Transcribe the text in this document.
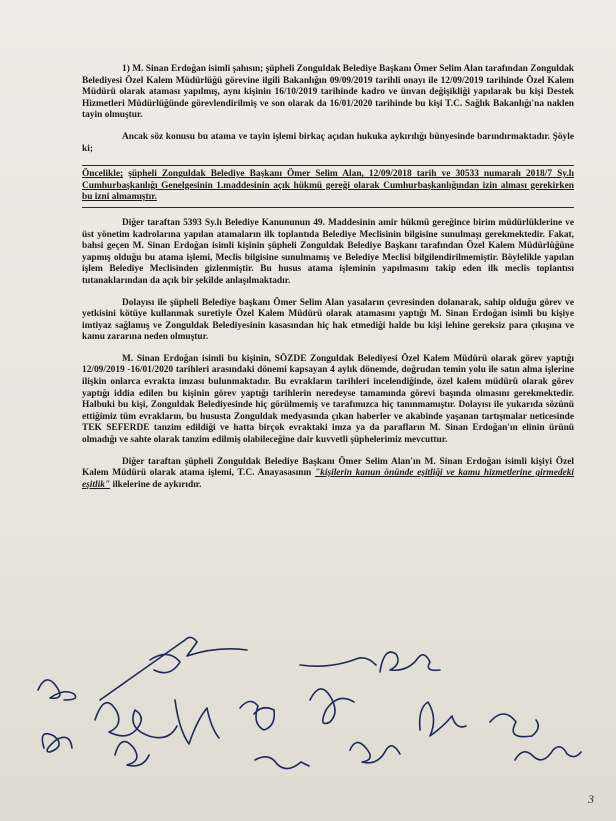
1) M. Sinan Erdoğan isimli şahısın; şüpheli Zonguldak Belediye Başkanı Ömer Selim Alan tarafından Zonguldak Belediyesi Özel Kalem Müdürlüğü görevine ilgili Bakanlığın 09/09/2019 tarihli onayı ile 12/09/2019 tarihinde Özel Kalem Müdürü olarak ataması yapılmış, aynı kişinin 16/10/2019 tarihinde kadro ve ünvan değişikliği yapılarak bu kişi Destek Hizmetleri Müdürlüğünde görevlendirilmiş ve son olarak da 16/01/2020 tarihinde bu kişi T.C. Sağlık Bakanlığı'na naklen tayin olmuştur.

Ancak söz konusu bu atama ve tayin işlemi birkaç açıdan hukuka aykırılığı bünyesinde barındırmaktadır. Şöyle ki;

Öncelikle; şüpheli Zonguldak Belediye Başkanı Ömer Selim Alan, 12/09/2018 tarih ve 30533 numaralı 2018/7 Sy.lı Cumhurbaşkanlığı Genelgesinin 1.maddesinin açık hükmü gereği olarak Cumhurbaşkanlığından izin alması gerekirken bu izni almamıştır.

Diğer taraftan 5393 Sy.lı Belediye Kanununun 49. Maddesinin amir hükmü gereğince birim müdürlüklerine ve üst yönetim kadrolarına yapılan atamaların ilk toplantıda Belediye Meclisinin bilgisine sunulmaşı gerekmektedir. Fakat, bahsi geçen M. Sinan Erdoğan isimli kişinin şüpheli Zonguldak Belediye Başkanı tarafından Özel Kalem Müdürlüğüne yapmış olduğu bu atama işlemi, Meclis bilgisine sunulmamış ve Belediye Meclisi bilgilendirilmemiştir. Böylelikle yapılan işlem Belediye Meclisinden gizlenmiştir. Bu husus atama işleminin yapılmasını takip eden ilk meclis toplantısı tutanaklarından da açık bir şekilde anlaşılmaktadır.

Dolayısı ile şüpheli Belediye başkanı Ömer Selim Alan yasaların çevresinden dolanarak, sahip olduğu görev ve yetkisini kötüye kullanmak suretiyle Özel Kalem Müdürü olarak atamasını yaptığı M. Sinan Erdoğan isimli bu kişiye imtiyaz sağlamış ve Zonguldak Belediyesinin kasasından hiç hak etmediği halde bu kişi lehine gereksiz para çıkışına ve kamu zararına neden olmuştur.

M. Sinan Erdoğan isimli bu kişinin, SÖZDE Zonguldak Belediyesi Özel Kalem Müdürü olarak görev yaptığı 12/09/2019 -16/01/2020 tarihleri arasındaki dönemi kapsayan 4 aylık dönemde, doğrudan temin yolu ile satın alma işlerine ilişkin onlarca evrakta imzası bulunmaktadır. Bu evrakların tarihleri incelendiğinde, özel kalem müdürü olarak görev yaptığı iddia edilen bu kişinin görev yaptığı tarihlerin neredeyse tamamında görevi başında olmasını gerekmektedir. Halbuki bu kişi, Zonguldak Belediyesinde hiç görülmemiş ve tarafımızca hiç tanınmamıştır. Dolayısı ile yukarıda sözünü ettiğimiz tüm evrakların, bu hususta Zonguldak medyasında çıkan haberler ve akabinde yaşanan tartışmalar neticesinde TEK SEFERDE tanzim edildiği ve hatta birçok evraktaki imza ya da parafların M. Sinan Erdoğan'ın elinin ürünü olmadığı ve sahte olarak tanzim edilmiş olabileceğine dair kuvvetli şüphelerimiz mevcuttur.

Diğer taraftan şüpheli Zonguldak Belediye Başkanı Ömer Selim Alan'ın M. Sinan Erdoğan isimli kişiyi Özel Kalem Müdürü olarak atama işlemi, T.C. Anayasasının "kişilerin kanun önünde eşitliği ve kamu hizmetlerine girmedeki eşitlik" ilkelerine de aykırıdır.

3
